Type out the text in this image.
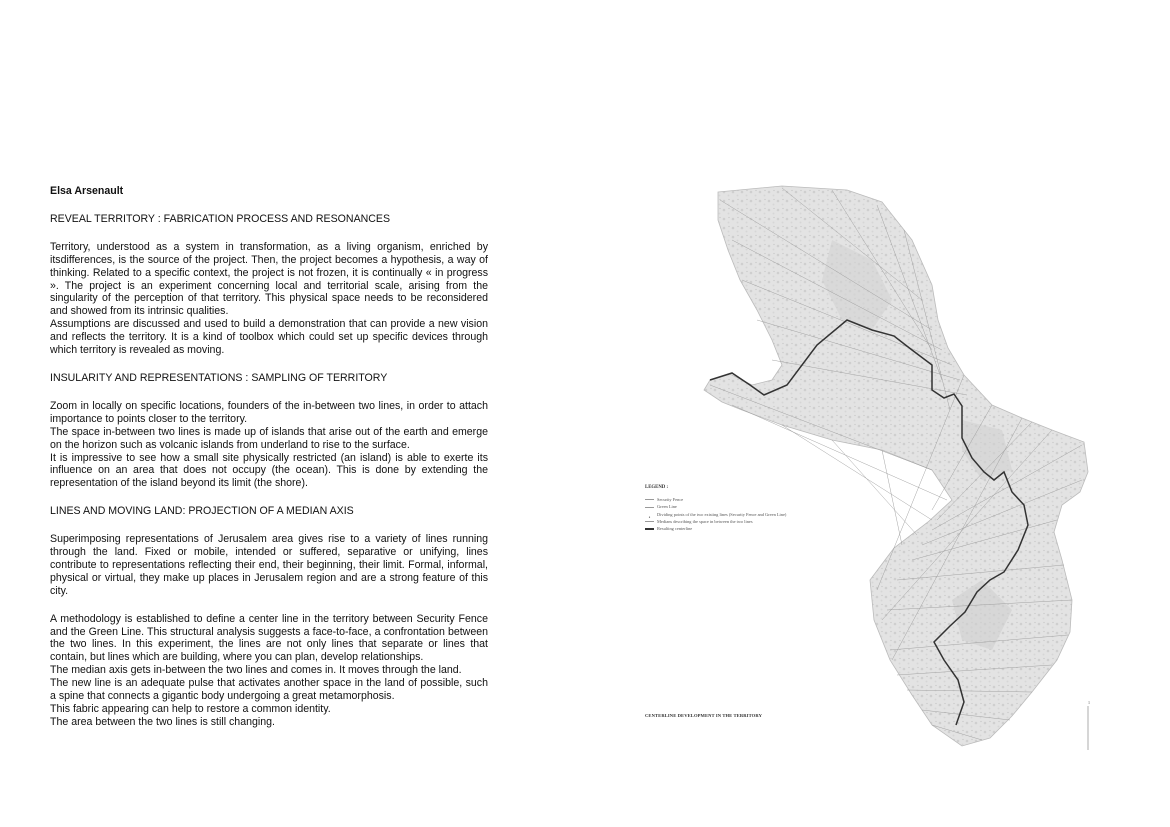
Elsa Arsenault
REVEAL TERRITORY : FABRICATION PROCESS AND RESONANCES

Territory, understood as a system in transformation, as a living organism, enriched by itsdifferences, is the source of the project. Then, the project becomes a hypothesis, a way of thinking. Related to a specific context, the project is not frozen, it is continually « in progress ». The project is an experiment concerning local and territorial scale, arising from the singularity of the perception of that territory. This physical space needs to be reconsidered and showed from its intrinsic qualities.

Assumptions are discussed and used to build a demonstration that can provide a new vision and reflects the territory. It is a kind of toolbox which could set up specific devices through which territory is revealed as moving.

INSULARITY AND REPRESENTATIONS : SAMPLING OF TERRITORY

Zoom in locally on specific locations, founders of the in-between two lines, in order to attach importance to points closer to the territory.

The space in-between two lines is made up of islands that arise out of the earth and emerge on the horizon such as volcanic islands from underland to rise to the surface.

It is impressive to see how a small site physically restricted (an island) is able to exerte its influence on an area that does not occupy (the ocean). This is done by extending the representation of the island beyond its limit (the shore).

LINES AND MOVING LAND: PROJECTION OF A MEDIAN AXIS

Superimposing representations of Jerusalem area gives rise to a variety of lines running through the land. Fixed or mobile, intended or suffered, separative or unifying, lines contribute to representations reflecting their end, their beginning, their limit. Formal, informal, physical or virtual, they make up places in Jerusalem region and are a strong feature of this city.

A methodology is established to define a center line in the territory between Security Fence and the Green Line. This structural analysis suggests a face-to-face, a confrontation between the two lines. In this experiment, the lines are not only lines that separate or lines that contain, but lines which are building, where you can plan, develop relationships.

The median axis gets in-between the two lines and comes in. It moves through the land.

The new line is an adequate pulse that activates another space in the land of possible, such a spine that connects a gigantic body undergoing a great metamorphosis.

This fabric appearing can help to restore a common identity.

The area between the two lines is still changing.

LEGEND :
Security Fence
Green Line
Dividing points of the two existing lines (Security Fence and Green Line)
Medians describing the space in between the two lines
Resulting centerline
CENTERLINE DEVELOPMENT IN THE TERRITORY
1
